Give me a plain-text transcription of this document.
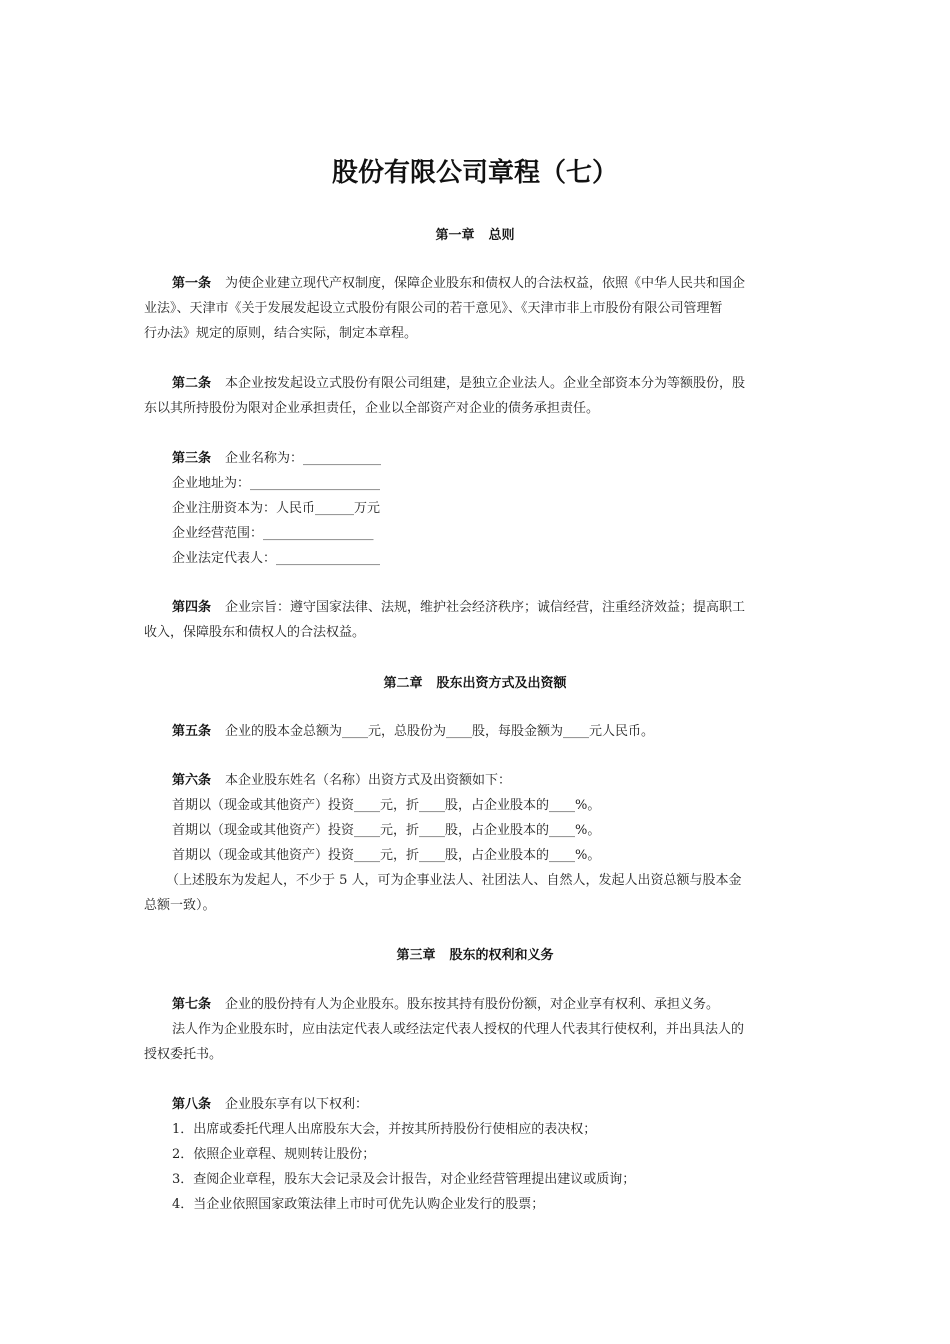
股份有限公司章程（七）
第一章 总则

第一条 为使企业建立现代产权制度，保障企业股东和债权人的合法权益，依照《中华人民共和国企

业法》、天津市《关于发展发起设立式股份有限公司的若干意见》、《天津市非上市股份有限公司管理暂

行办法》规定的原则，结合实际，制定本章程。

第二条 本企业按发起设立式股份有限公司组建，是独立企业法人。企业全部资本分为等额股份，股

东以其所持股份为限对企业承担责任，企业以全部资产对企业的债务承担责任。

第三条 企业名称为：____________

企业地址为：____________________

企业注册资本为：人民币______万元

企业经营范围：_________________

企业法定代表人：________________

第四条 企业宗旨：遵守国家法律、法规，维护社会经济秩序；诚信经营，注重经济效益；提高职工

收入，保障股东和债权人的合法权益。

第二章 股东出资方式及出资额

第五条 企业的股本金总额为____元，总股份为____股，每股金额为____元人民币。

第六条 本企业股东姓名（名称）出资方式及出资额如下：

首期以（现金或其他资产）投资____元，折____股，占企业股本的____%。

首期以（现金或其他资产）投资____元，折____股，占企业股本的____%。

首期以（现金或其他资产）投资____元，折____股，占企业股本的____%。

（上述股东为发起人，不少于 5 人，可为企事业法人、社团法人、自然人，发起人出资总额与股本金

总额一致）。

第三章 股东的权利和义务

第七条 企业的股份持有人为企业股东。股东按其持有股份份额，对企业享有权利、承担义务。

法人作为企业股东时，应由法定代表人或经法定代表人授权的代理人代表其行使权利，并出具法人的

授权委托书。

第八条 企业股东享有以下权利：

1．出席或委托代理人出席股东大会，并按其所持股份行使相应的表决权；

2．依照企业章程、规则转让股份；

3．查阅企业章程，股东大会记录及会计报告，对企业经营管理提出建议或质询；

4．当企业依照国家政策法律上市时可优先认购企业发行的股票；
